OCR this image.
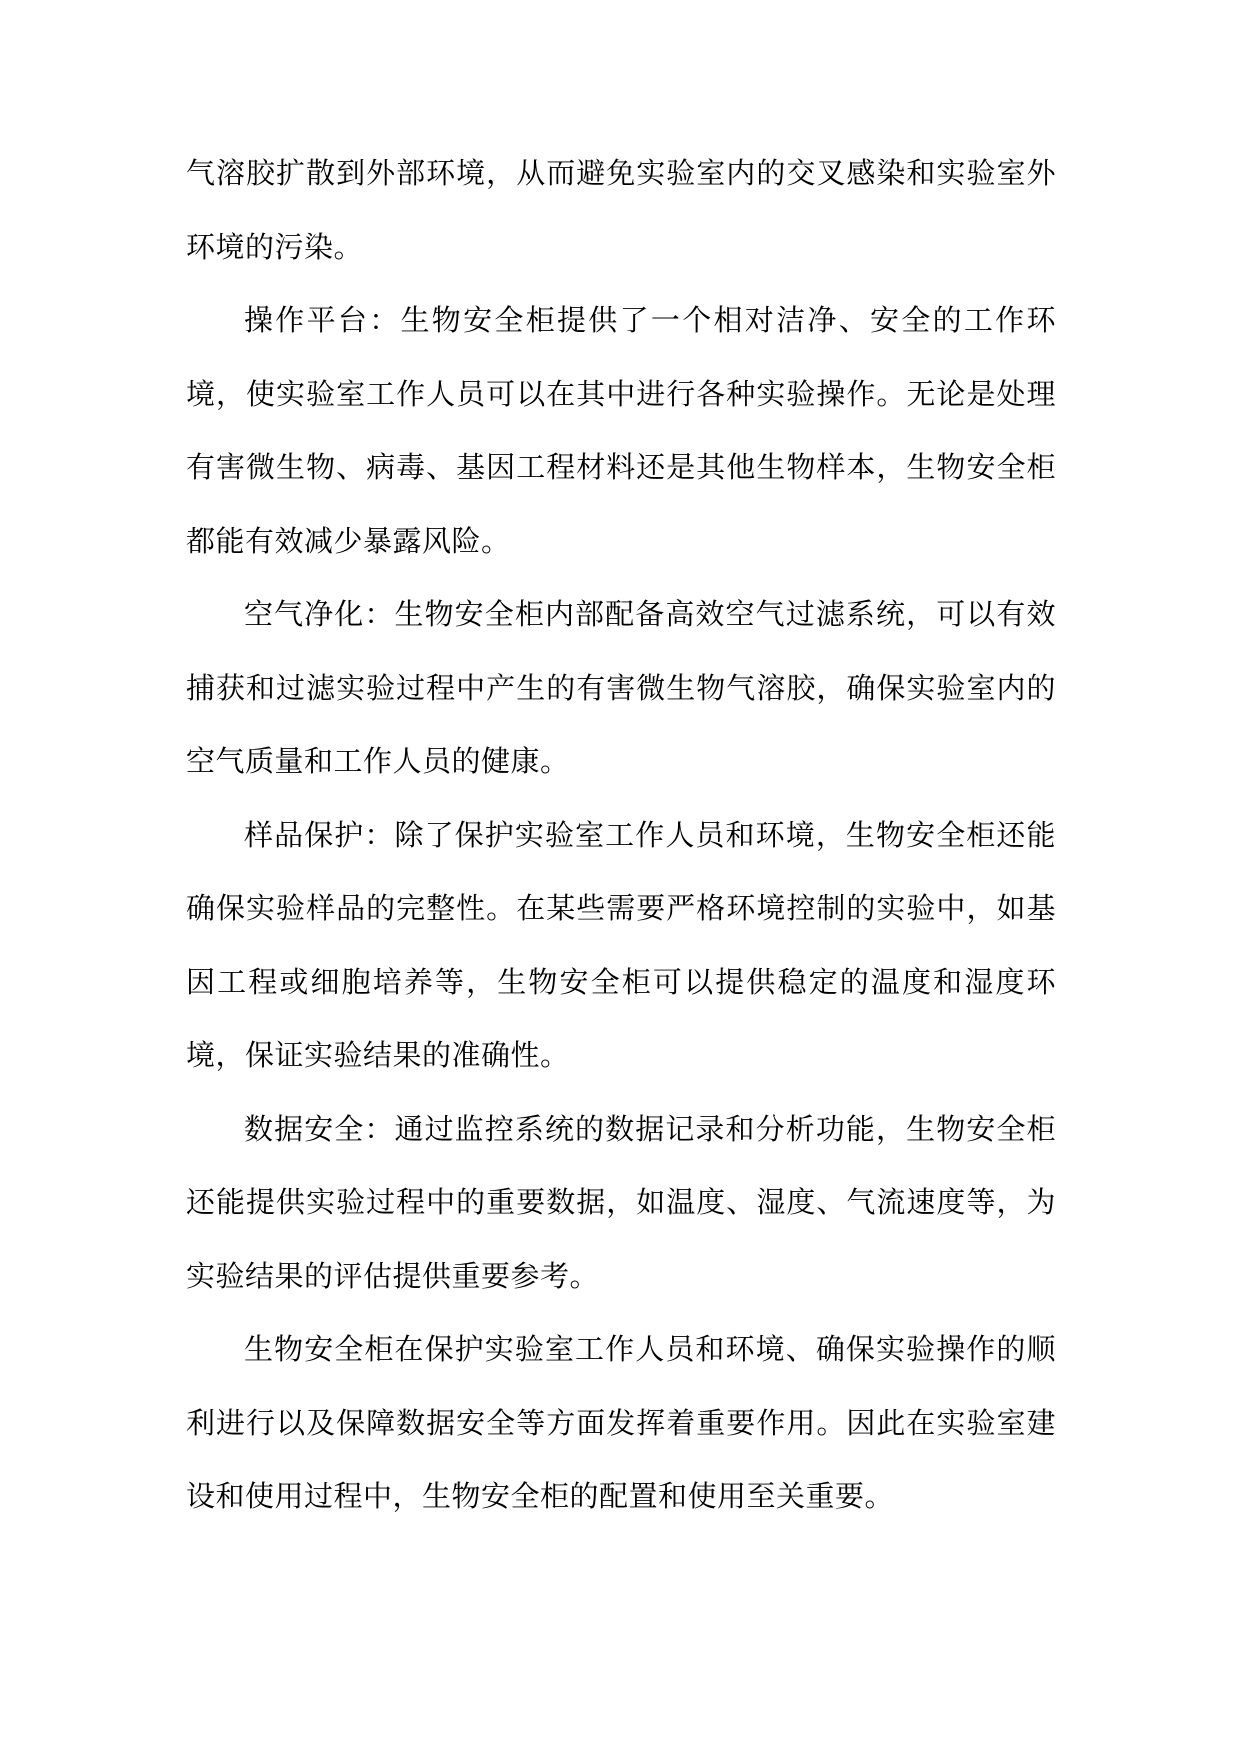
气溶胶扩散到外部环境，从而避免实验室内的交叉感染和实验室外环境的污染。

操作平台：生物安全柜提供了一个相对洁净、安全的工作环境，使实验室工作人员可以在其中进行各种实验操作。无论是处理有害微生物、病毒、基因工程材料还是其他生物样本，生物安全柜都能有效减少暴露风险。

空气净化：生物安全柜内部配备高效空气过滤系统，可以有效捕获和过滤实验过程中产生的有害微生物气溶胶，确保实验室内的空气质量和工作人员的健康。

样品保护：除了保护实验室工作人员和环境，生物安全柜还能确保实验样品的完整性。在某些需要严格环境控制的实验中，如基因工程或细胞培养等，生物安全柜可以提供稳定的温度和湿度环境，保证实验结果的准确性。

数据安全：通过监控系统的数据记录和分析功能，生物安全柜还能提供实验过程中的重要数据，如温度、湿度、气流速度等，为实验结果的评估提供重要参考。

生物安全柜在保护实验室工作人员和环境、确保实验操作的顺利进行以及保障数据安全等方面发挥着重要作用。因此在实验室建设和使用过程中，生物安全柜的配置和使用至关重要。
